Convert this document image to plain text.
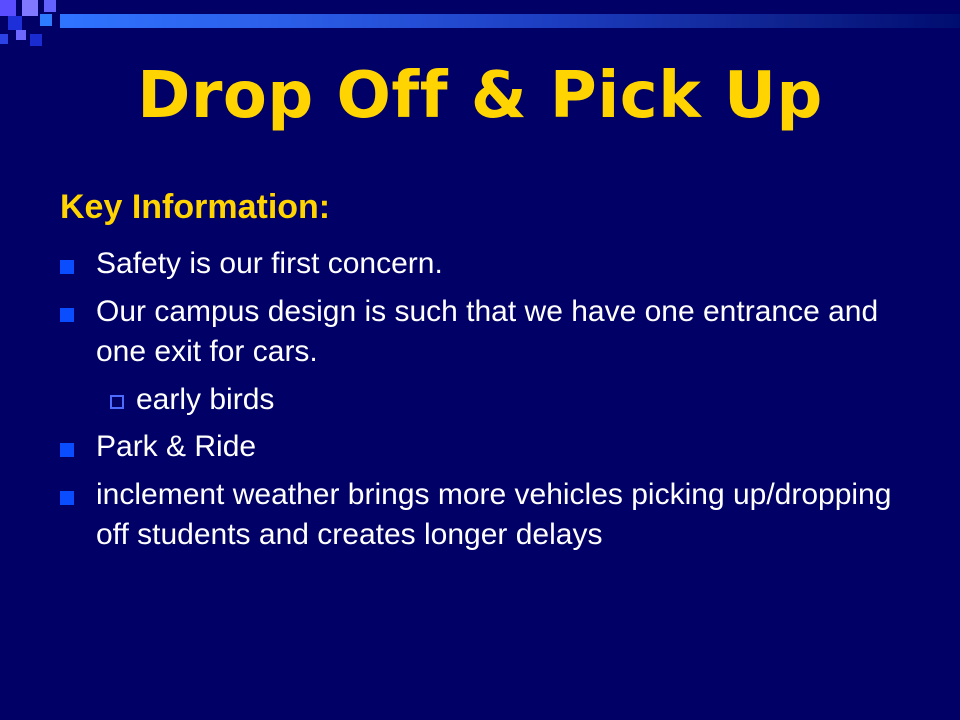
Drop Off & Pick Up
Key Information:
Safety is our first concern.
Our campus design is such that we have one entrance and one exit for cars.
early birds
Park & Ride
inclement weather brings more vehicles picking up/dropping off students and creates longer delays
